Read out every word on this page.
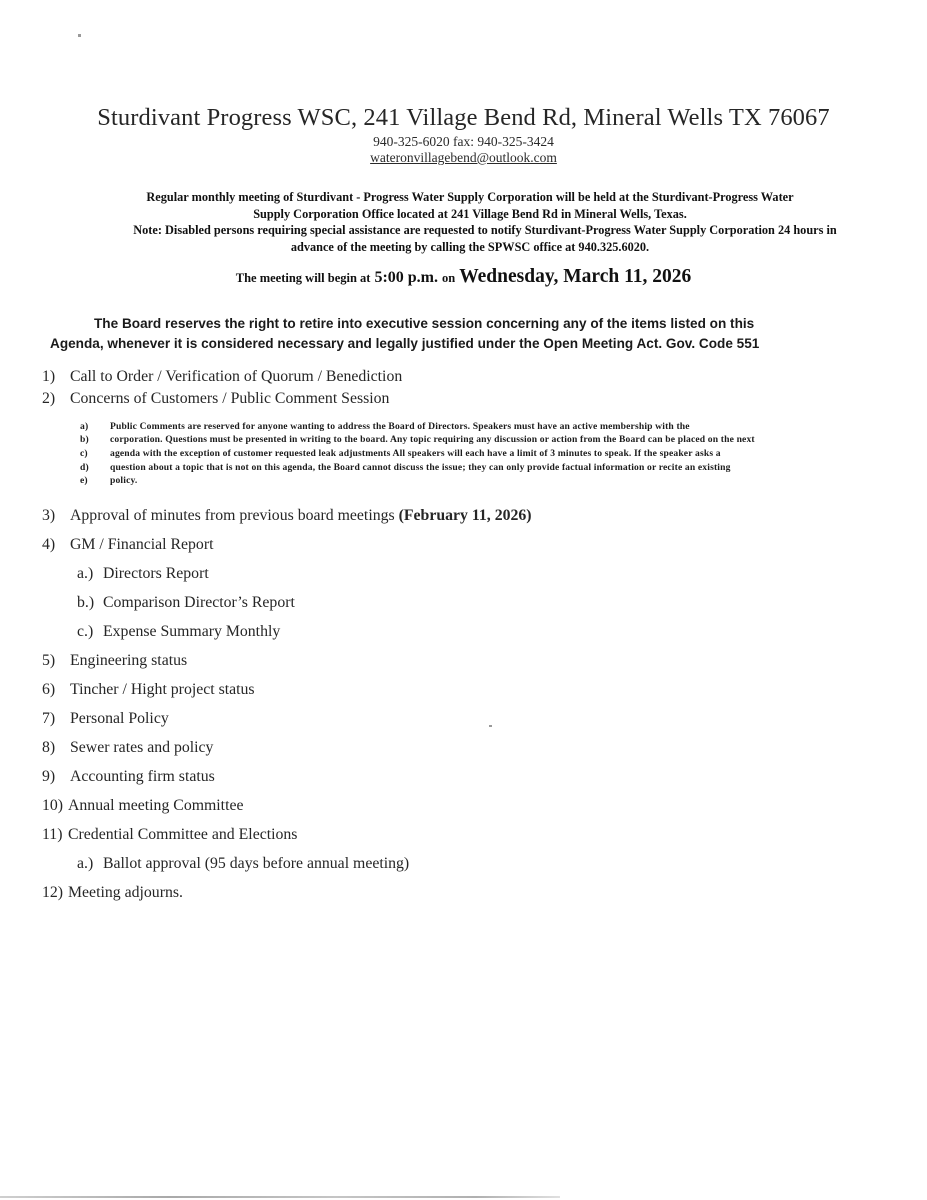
Sturdivant Progress WSC, 241 Village Bend Rd, Mineral Wells TX 76067
940-325-6020 fax: 940-325-3424
wateronvillagebend@outlook.com

Regular monthly meeting of Sturdivant - Progress Water Supply Corporation will be held at the Sturdivant-Progress Water

Supply Corporation Office located at 241 Village Bend Rd in Mineral Wells, Texas.

Note: Disabled persons requiring special assistance are requested to notify Sturdivant-Progress Water Supply Corporation 24 hours in

advance of the meeting by calling the SPWSC office at 940.325.6020.

The meeting will begin at 5:00 p.m. on Wednesday, March 11, 2026
The Board reserves the right to retire into executive session concerning any of the items listed on this
Agenda, whenever it is considered necessary and legally justified under the Open Meeting Act. Gov. Code 551
1) Call to Order / Verification of Quorum / Benediction
2) Concerns of Customers / Public Comment Session
a) Public Comments are reserved for anyone wanting to address the Board of Directors. Speakers must have an active membership with the
b) corporation. Questions must be presented in writing to the board. Any topic requiring any discussion or action from the Board can be placed on the next
c) agenda with the exception of customer requested leak adjustments All speakers will each have a limit of 3 minutes to speak. If the speaker asks a
d) question about a topic that is not on this agenda, the Board cannot discuss the issue; they can only provide factual information or recite an existing
e) policy.
3) Approval of minutes from previous board meetings (February 11, 2026)
4) GM / Financial Report
a.) Directors Report
b.) Comparison Director’s Report
c.) Expense Summary Monthly
5) Engineering status
6) Tincher / Hight project status
7) Personal Policy
8) Sewer rates and policy
9) Accounting firm status
10) Annual meeting Committee
11) Credential Committee and Elections
a.) Ballot approval (95 days before annual meeting)
12) Meeting adjourns.
